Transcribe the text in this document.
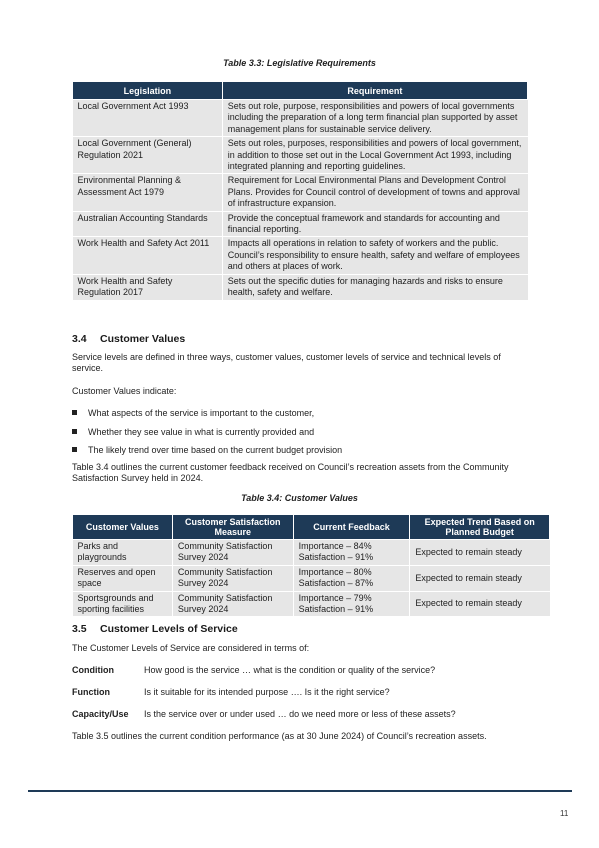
Table 3.3: Legislative Requirements
Legislation	Requirement
Local Government Act 1993	Sets out role, purpose, responsibilities and powers of local governments including the preparation of a long term financial plan supported by asset management plans for sustainable service delivery.
Local Government (General) Regulation 2021	Sets out roles, purposes, responsibilities and powers of local government, in addition to those set out in the Local Government Act 1993, including integrated planning and reporting guidelines.
Environmental Planning & Assessment Act 1979	Requirement for Local Environmental Plans and Development Control Plans. Provides for Council control of development of towns and approval of infrastructure expansion.
Australian Accounting Standards	Provide the conceptual framework and standards for accounting and financial reporting.
Work Health and Safety Act 2011	Impacts all operations in relation to safety of workers and the public. Council’s responsibility to ensure health, safety and welfare of employees and others at places of work.
Work Health and Safety Regulation 2017	Sets out the specific duties for managing hazards and risks to ensure health, safety and welfare.
3.4 Customer Values
Service levels are defined in three ways, customer values, customer levels of service and technical levels of service.
Customer Values indicate:
What aspects of the service is important to the customer,
Whether they see value in what is currently provided and
The likely trend over time based on the current budget provision
Table 3.4 outlines the current customer feedback received on Council’s recreation assets from the Community Satisfaction Survey held in 2024.
Table 3.4: Customer Values
Customer Values	Customer Satisfaction Measure	Current Feedback	Expected Trend Based on Planned Budget
Parks and playgrounds	Community Satisfaction Survey 2024	Importance – 84%
Satisfaction – 91%	Expected to remain steady
Reserves and open space	Community Satisfaction Survey 2024	Importance – 80%
Satisfaction – 87%	Expected to remain steady
Sportsgrounds and sporting facilities	Community Satisfaction Survey 2024	Importance – 79%
Satisfaction – 91%	Expected to remain steady
3.5 Customer Levels of Service
The Customer Levels of Service are considered in terms of:
Condition	How good is the service … what is the condition or quality of the service?
Function	Is it suitable for its intended purpose …. Is it the right service?
Capacity/Use Is the service over or under used … do we need more or less of these assets?
Table 3.5 outlines the current condition performance (as at 30 June 2024) of Council’s recreation assets.
11
